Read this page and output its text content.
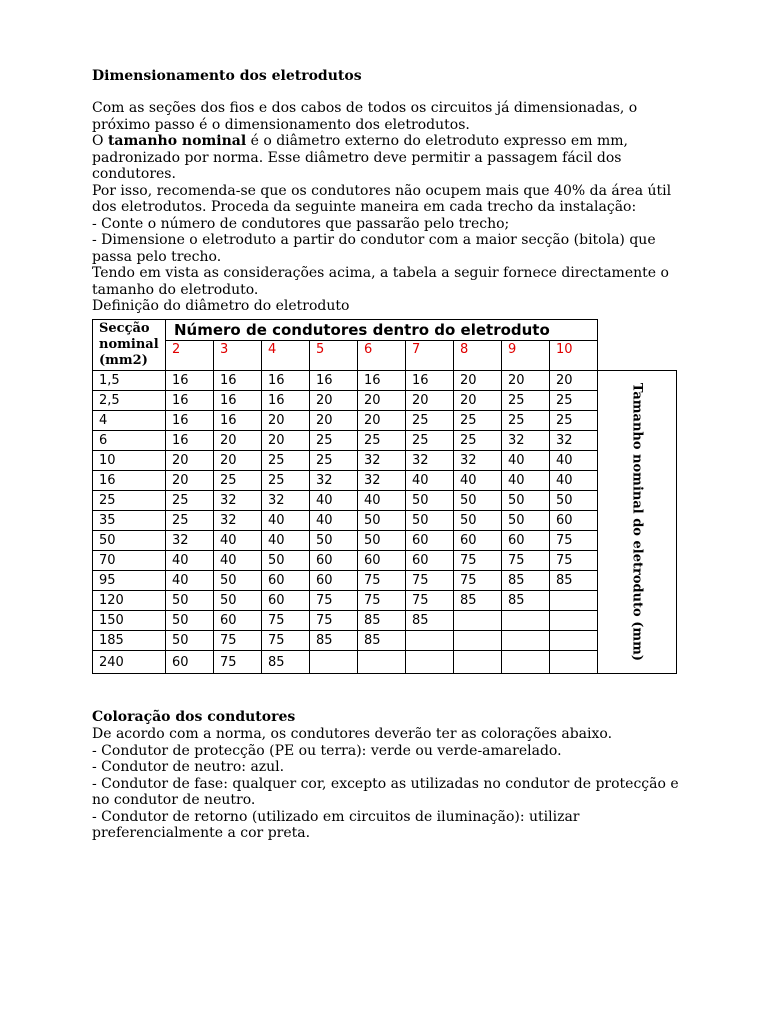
Dimensionamento dos eletrodutos

Com as seções dos fios e dos cabos de todos os circuitos já dimensionadas, o próximo passo é o dimensionamento dos eletrodutos.

O tamanho nominal é o diâmetro externo do eletroduto expresso em mm, padronizado por norma. Esse diâmetro deve permitir a passagem fácil dos condutores.

Por isso, recomenda-se que os condutores não ocupem mais que 40% da área útil dos eletrodutos. Proceda da seguinte maneira em cada trecho da instalação:

- Conte o número de condutores que passarão pelo trecho;

- Dimensione o eletroduto a partir do condutor com a maior secção (bitola) que passa pelo trecho.

Tendo em vista as considerações acima, a tabela a seguir fornece directamente o tamanho do eletroduto.

Definição do diâmetro do eletroduto

Secção nominal (mm2)	Número de condutores dentro do eletroduto									
	2	3	4	5	6	7	8	9	10	
1,5	16	16	16	16	16	16	20	20	20	Tamanho nominal do eletroduto (mm)

2,5	16	16	16	20	20	20	20	25	25	
4	16	16	20	20	20	25	25	25	25	
6	16	20	20	25	25	25	25	32	32	
10	20	20	25	25	32	32	32	40	40	
16	20	25	25	32	32	40	40	40	40	
25	25	32	32	40	40	50	50	50	50	
35	25	32	40	40	50	50	50	50	60	
50	32	40	40	50	50	60	60	60	75	
70	40	40	50	60	60	60	75	75	75	
95	40	50	60	60	75	75	75	85	85	
120	50	50	60	75	75	75	85	85		
150	50	60	75	75	85	85				
185	50	75	75	85	85					
240	60	75	85							
Coloração dos condutores

De acordo com a norma, os condutores deverão ter as colorações abaixo.

- Condutor de protecção (PE ou terra): verde ou verde-amarelado.

- Condutor de neutro: azul.

- Condutor de fase: qualquer cor, excepto as utilizadas no condutor de protecção e no condutor de neutro.

- Condutor de retorno (utilizado em circuitos de iluminação): utilizar preferencialmente a cor preta.
